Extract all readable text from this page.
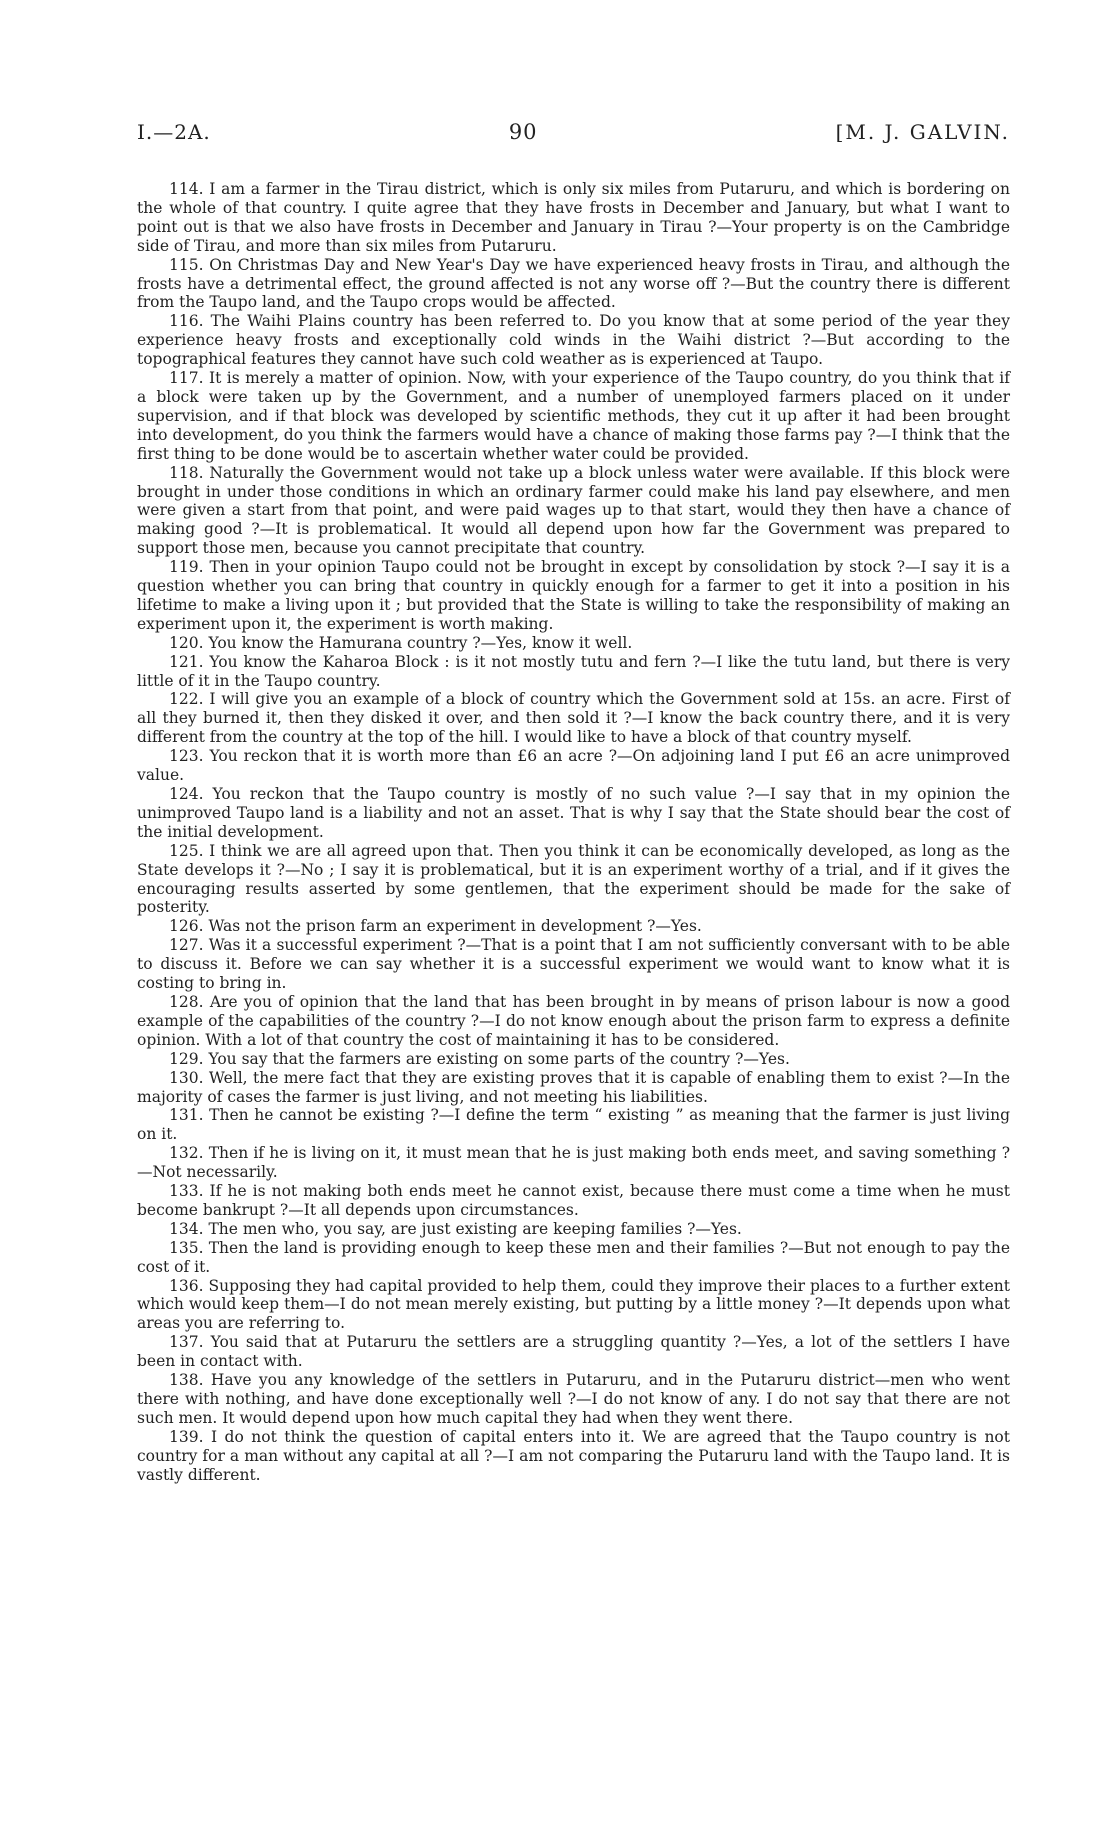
I.—2A.	90	[M. J. GALVIN.

114. I am a farmer in the Tirau district, which is only six miles from Putaruru, and which is bordering on the whole of that country. I quite agree that they have frosts in December and January, but what I want to point out is that we also have frosts in December and January in Tirau ?—Your property is on the Cambridge side of Tirau, and more than six miles from Putaruru.

115. On Christmas Day and New Year's Day we have experienced heavy frosts in Tirau, and although the frosts have a detrimental effect, the ground affected is not any worse off ?—But the country there is different from the Taupo land, and the Taupo crops would be affected.

116. The Waihi Plains country has been referred to. Do you know that at some period of the year they experience heavy frosts and exceptionally cold winds in the Waihi district ?—But according to the topographical features they cannot have such cold weather as is experienced at Taupo.

117. It is merely a matter of opinion. Now, with your experience of the Taupo country, do you think that if a block were taken up by the Government, and a number of unemployed farmers placed on it under supervision, and if that block was developed by scientific methods, they cut it up after it had been brought into development, do you think the farmers would have a chance of making those farms pay ?—I think that the first thing to be done would be to ascertain whether water could be provided.

118. Naturally the Government would not take up a block unless water were available. If this block were brought in under those conditions in which an ordinary farmer could make his land pay elsewhere, and men were given a start from that point, and were paid wages up to that start, would they then have a chance of making good ?—It is problematical. It would all depend upon how far the Government was prepared to support those men, because you cannot precipitate that country.

119. Then in your opinion Taupo could not be brought in except by consolidation by stock ?—I say it is a question whether you can bring that country in quickly enough for a farmer to get it into a position in his lifetime to make a living upon it ; but provided that the State is willing to take the responsibility of making an experiment upon it, the experiment is worth making.

120. You know the Hamurana country ?—Yes, know it well.

121. You know the Kaharoa Block : is it not mostly tutu and fern ?—I like the tutu land, but there is very little of it in the Taupo country.

122. I will give you an example of a block of country which the Government sold at 15s. an acre. First of all they burned it, then they disked it over, and then sold it ?—I know the back country there, and it is very different from the country at the top of the hill. I would like to have a block of that country myself.

123. You reckon that it is worth more than £6 an acre ?—On adjoining land I put £6 an acre unimproved value.

124. You reckon that the Taupo country is mostly of no such value ?—I say that in my opinion the unimproved Taupo land is a liability and not an asset. That is why I say that the State should bear the cost of the initial development.

125. I think we are all agreed upon that. Then you think it can be economically developed, as long as the State develops it ?—No ; I say it is problematical, but it is an experiment worthy of a trial, and if it gives the encouraging results asserted by some gentlemen, that the experiment should be made for the sake of posterity.

126. Was not the prison farm an experiment in development ?—Yes.

127. Was it a successful experiment ?—That is a point that I am not sufficiently conversant with to be able to discuss it. Before we can say whether it is a successful experiment we would want to know what it is costing to bring in.

128. Are you of opinion that the land that has been brought in by means of prison labour is now a good example of the capabilities of the country ?—I do not know enough about the prison farm to express a definite opinion. With a lot of that country the cost of maintaining it has to be considered.

129. You say that the farmers are existing on some parts of the country ?—Yes.

130. Well, the mere fact that they are existing proves that it is capable of enabling them to exist ?—In the majority of cases the farmer is just living, and not meeting his liabilities.

131. Then he cannot be existing ?—I define the term “ existing ” as meaning that the farmer is just living on it.

132. Then if he is living on it, it must mean that he is just making both ends meet, and saving something ?—Not necessarily.

133. If he is not making both ends meet he cannot exist, because there must come a time when he must become bankrupt ?—It all depends upon circumstances.

134. The men who, you say, are just existing are keeping families ?—Yes.

135. Then the land is providing enough to keep these men and their families ?—But not enough to pay the cost of it.

136. Supposing they had capital provided to help them, could they improve their places to a further extent which would keep them—I do not mean merely existing, but putting by a little money ?—It depends upon what areas you are referring to.

137. You said that at Putaruru the settlers are a struggling quantity ?—Yes, a lot of the settlers I have been in contact with.

138. Have you any knowledge of the settlers in Putaruru, and in the Putaruru district—men who went there with nothing, and have done exceptionally well ?—I do not know of any. I do not say that there are not such men. It would depend upon how much capital they had when they went there.

139. I do not think the question of capital enters into it. We are agreed that the Taupo country is not country for a man without any capital at all ?—I am not comparing the Putaruru land with the Taupo land. It is vastly different.
